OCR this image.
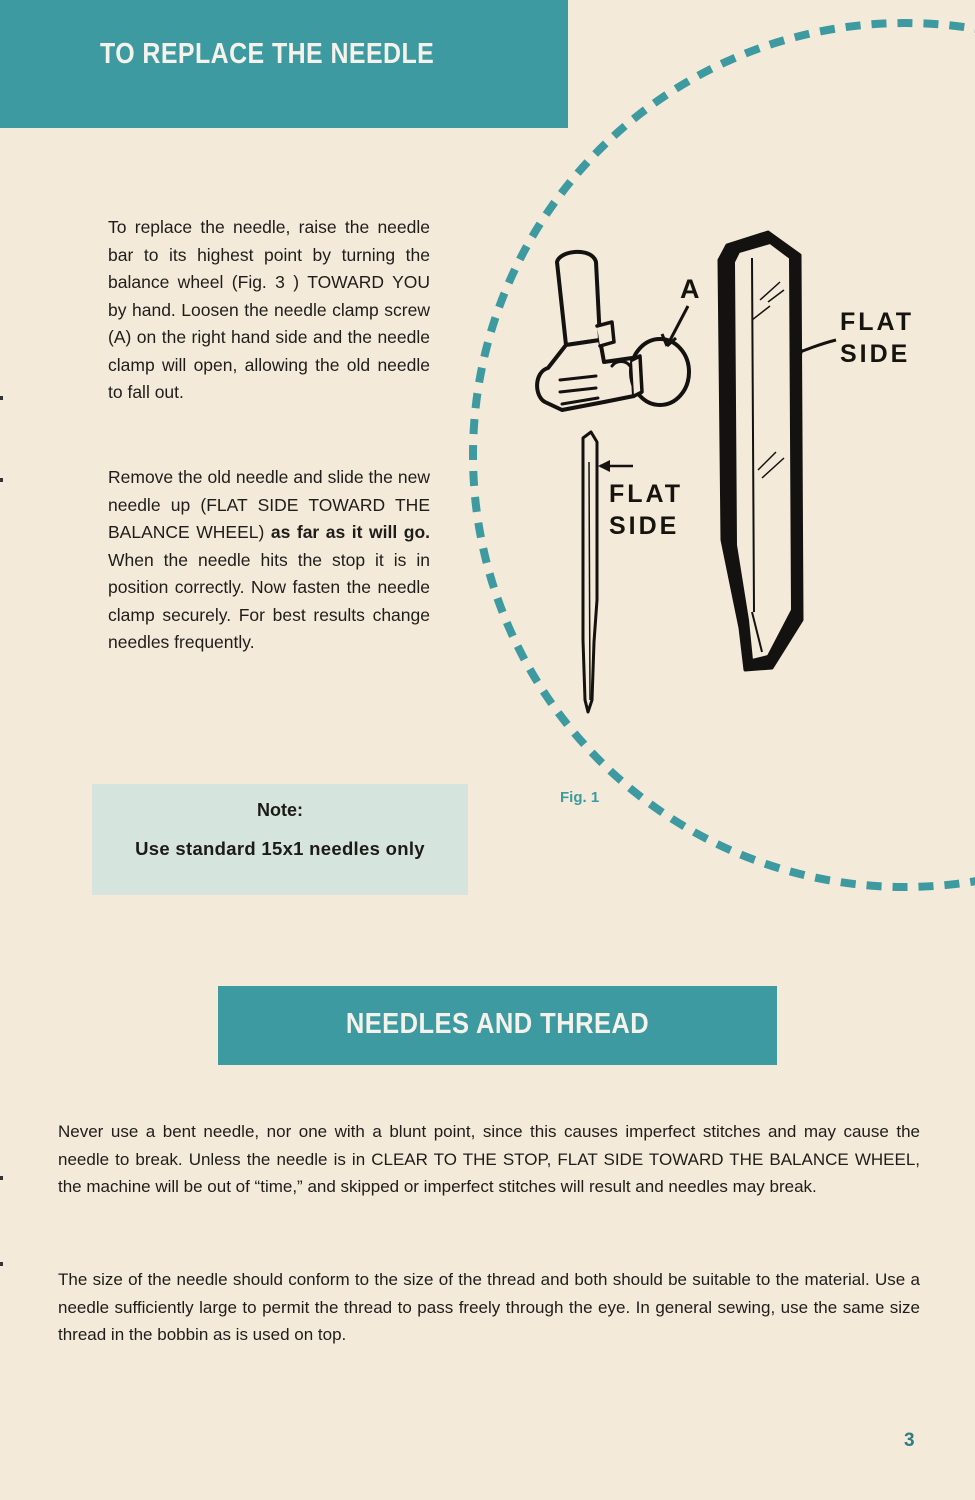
TO REPLACE THE NEEDLE

To replace the needle, raise the needle bar to its highest point by turning the balance wheel (Fig. 3 ) TOWARD YOU by hand. Loosen the needle clamp screw (A) on the right hand side and the needle clamp will open, allowing the old needle to fall out.

Remove the old needle and slide the new needle up (FLAT SIDE TOWARD THE BALANCE WHEEL) as far as it will go. When the needle hits the stop it is in position correctly. Now fasten the needle clamp securely. For best results change needles frequently.

Note:

Use standard 15x1 needles only

A

FLAT
SIDE

FLAT
SIDE

Fig. 1
NEEDLES AND THREAD

Never use a bent needle, nor one with a blunt point, since this causes imperfect stitches and may cause the needle to break. Unless the needle is in CLEAR TO THE STOP, FLAT SIDE TOWARD THE BALANCE WHEEL, the machine will be out of “time,” and skipped or imperfect stitches will result and needles may break.

The size of the needle should conform to the size of the thread and both should be suitable to the material. Use a needle sufficiently large to permit the thread to pass freely through the eye. In general sewing, use the same size thread in the bobbin as is used on top.

3
